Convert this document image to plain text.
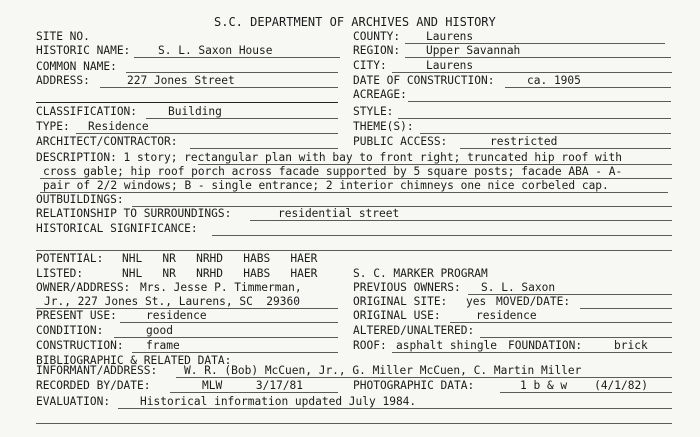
S.C. DEPARTMENT OF ARCHIVES AND HISTORY
SITE NO.	COUNTY: Laurens
HISTORIC NAME: S. L. Saxon House	REGION: Upper Savannah
COMMON NAME:	CITY:	Laurens
ADDRESS:	227 Jones Street	DATE OF CONSTRUCTION:	ca. 1905
ACREAGE:
CLASSIFICATION:	Building	STYLE:
TYPE: Residence	THEME(S):
ARCHITECT/CONTRACTOR:	PUBLIC ACCESS:	restricted
DESCRIPTION: 1 story; rectangular plan with bay to front right; truncated hip roof with
cross gable; hip roof porch across facade supported by 5 square posts; facade ABA - A-
pair of 2/2 windows; B - single entrance; 2 interior chimneys one nice corbeled cap.
OUTBUILDINGS:
RELATIONSHIP TO SURROUNDINGS:	residential street
HISTORICAL SIGNIFICANCE:
POTENTIAL: NHL   NR   NRHD   HABS   HAER
LISTED:	NHL   NR   NRHD   HABS   HAER	S. C. MARKER PROGRAM
OWNER/ADDRESS: Mrs. Jesse P. Timmerman,
Jr., 227 Jones St., Laurens, SC  29360
PREVIOUS OWNERS: S. L. Saxon
ORIGINAL SITE: yes MOVED/DATE:
PRESENT USE:	residence	ORIGINAL USE:	residence
CONDITION:	good	ALTERED/UNALTERED:
CONSTRUCTION: frame	ROOF: asphalt shingle FOUNDATION:	brick
BIBLIOGRAPHIC & RELATED DATA:
INFORMANT/ADDRESS: W. R. (Bob) McCuen, Jr., G. Miller McCuen, C. Martin Miller
RECORDED BY/DATE:	MLW     3/17/81	PHOTOGRAPHIC DATA:	1 b & w    (4/1/82)
EVALUATION:	Historical information updated July 1984.
